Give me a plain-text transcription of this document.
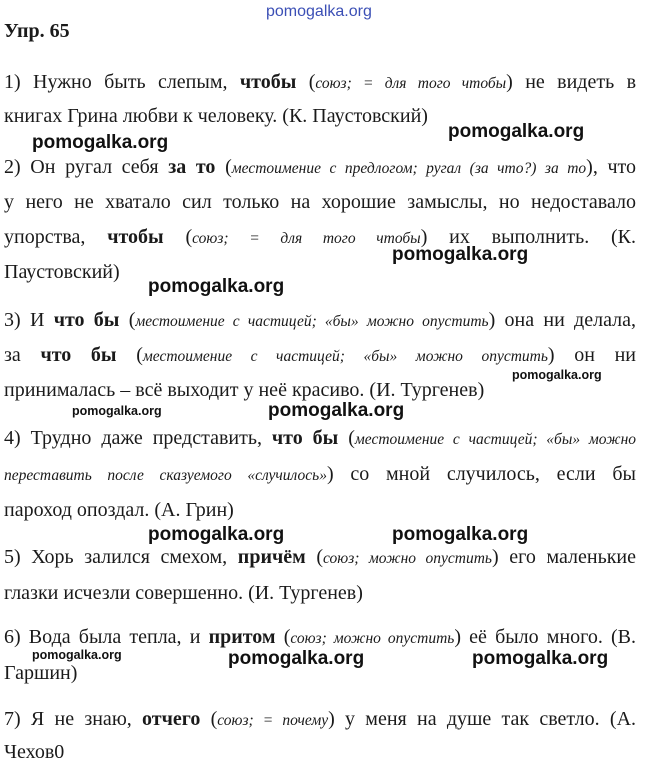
pomogalka.org
Упр. 65
1) Нужно быть слепым, чтобы (союз; = для того чтобы) не видеть в
книгах Грина любви к человеку. (К. Паустовский)
pomogalka.org
pomogalka.org
2) Он ругал себя за то (местоимение с предлогом; ругал (за что?) за то), что
у него не хватало сил только на хорошие замыслы, но недоставало
упорства, чтобы (союз; = для того чтобы) их выполнить. (К.
Паустовский)
pomogalka.org
pomogalka.org
3) И что бы (местоимение с частицей; «бы» можно опустить) она ни делала,
за что бы (местоимение с частицей; «бы» можно опустить) он ни
принималась – всё выходит у неё красиво. (И. Тургенев)
pomogalka.org
pomogalka.org	pomogalka.org
4) Трудно даже представить, что бы (местоимение с частицей; «бы» можно
переставить после сказуемого «случилось») со мной случилось, если бы
пароход опоздал. (А. Грин)
pomogalka.org	pomogalka.org
5) Хорь залился смехом, причём (союз; можно опустить) его маленькие
глазки исчезли совершенно. (И. Тургенев)
6) Вода была тепла, и притом (союз; можно опустить) её было много. (В.
Гаршин)
pomogalka.org	pomogalka.org	pomogalka.org
7) Я не знаю, отчего (союз; = почему) у меня на душе так светло. (А.
Чехов0
